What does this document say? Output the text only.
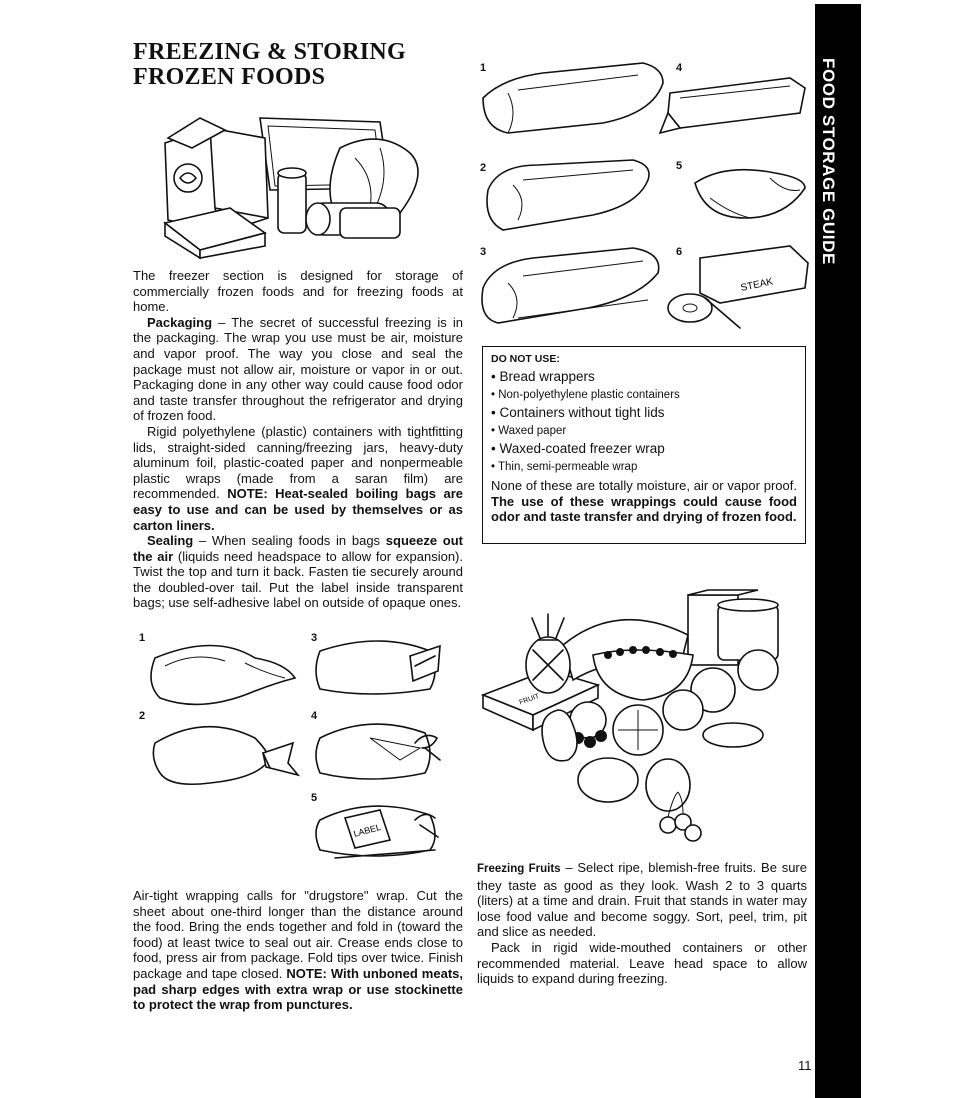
FREEZING & STORING
FROZEN FOODS	FOOD STORAGE GUIDE

The freezer section is designed for storage of commercially frozen foods and for freezing foods at home.

Packaging – The secret of successful freezing is in the packaging. The wrap you use must be air, moisture and vapor proof. The way you close and seal the package must not allow air, moisture or vapor in or out. Packaging done in any other way could cause food odor and taste transfer throughout the refrigerator and drying of frozen food.

Rigid polyethylene (plastic) containers with tightfitting lids, straight-sided canning/freezing jars, heavy-duty aluminum foil, plastic-coated paper and nonpermeable plastic wraps (made from a saran film) are recommended. NOTE: Heat-sealed boiling bags are easy to use and can be used by themselves or as carton liners.

Sealing – When sealing foods in bags squeeze out the air (liquids need headspace to allow for expansion). Twist the top and turn it back. Fasten tie securely around the doubled-over tail. Put the label inside transparent bags; use self-adhesive label on outside of opaque ones.

1	3
2	4
5
LABEL

Air-tight wrapping calls for "drugstore" wrap. Cut the sheet about one-third longer than the distance around the food. Bring the ends together and fold in (toward the food) at least twice to seal out air. Crease ends close to food, press air from package. Fold tips over twice. Finish package and tape closed. NOTE: With unboned meats, pad sharp edges with extra wrap or use stockinette to protect the wrap from punctures.

1	4
2	5
3	6
STEAK
DO NOT USE:
• Bread wrappers
• Non-polyethylene plastic containers
• Containers without tight lids
• Waxed paper
• Waxed-coated freezer wrap
• Thin, semi-permeable wrap

None of these are totally moisture, air or vapor proof. The use of these wrappings could cause food odor and taste transfer and drying of frozen food.

FRUIT

Freezing Fruits – Select ripe, blemish-free fruits. Be sure they taste as good as they look. Wash 2 to 3 quarts (liters) at a time and drain. Fruit that stands in water may lose food value and become soggy. Sort, peel, trim, pit and slice as needed.

Pack in rigid wide-mouthed containers or other recommended material. Leave head space to allow liquids to expand during freezing.

11
